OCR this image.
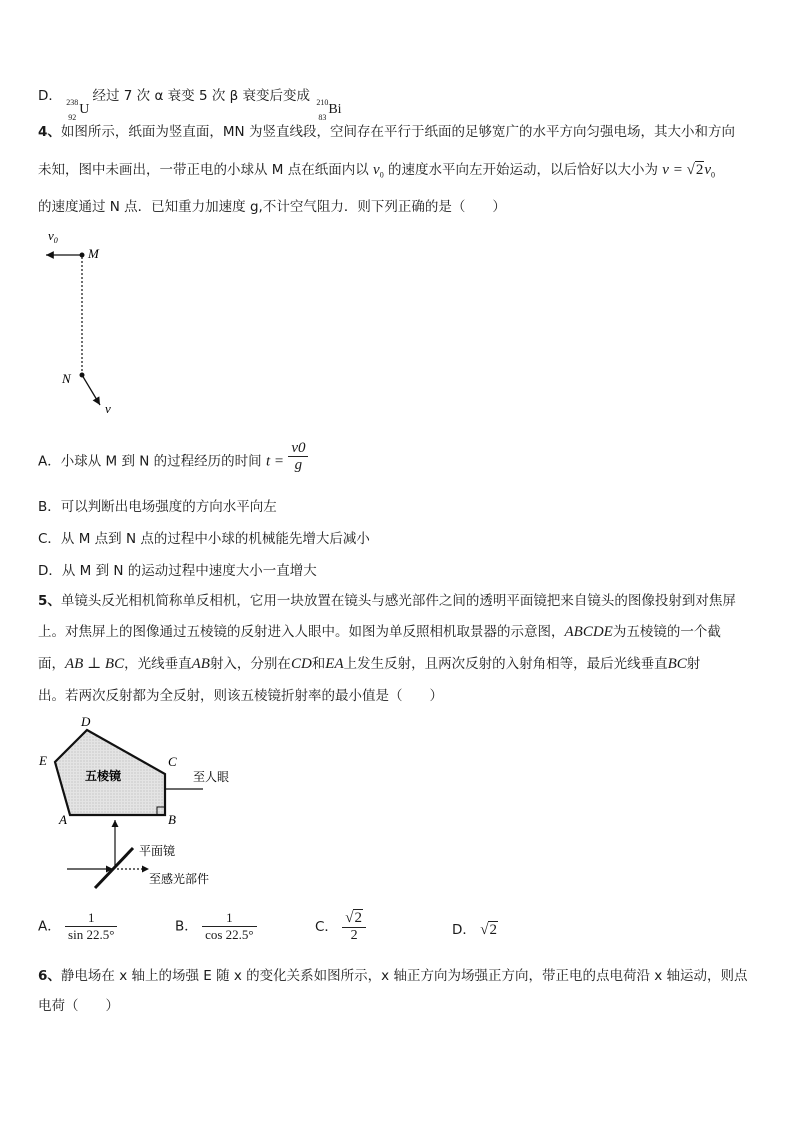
D． 238
92
U
经过 7 次 α 衰变 5 次 β 衰变后变成 210
83
Bi
4、如图所示，纸面为竖直面，MN 为竖直线段，空间存在平行于纸面的足够宽广的水平方向匀强电场，其大小和方向
未知，图中未画出，一带正电的小球从 M 点在纸面内以 $v_0$ 的速度水平向左开始运动，以后恰好以大小为 $v = √2v_0$
的速度通过 N 点．已知重力加速度 g,不计空气阻力．则下列正确的是（　　）
$v_0$
M
N
v
A．小球从 M 到 N 的过程经历的时间 $t = \frac{v0}{g}$
B．可以判断出电场强度的方向水平向左
C．从 M 点到 N 点的过程中小球的机械能先增大后减小
D．从 M 到 N 的运动过程中速度大小一直增大
5、单镜头反光相机简称单反相机，它用一块放置在镜头与感光部件之间的透明平面镜把来自镜头的图像投射到对焦屏
上。对焦屏上的图像通过五棱镜的反射进入人眼中。如图为单反照相机取景器的示意图，ABCDE为五棱镜的一个截
面，AB ⊥ BC，光线垂直AB射入，分别在CD和EA上发生反射，且两次反射的入射角相等，最后光线垂直BC射
出。若两次反射都为全反射，则该五棱镜折射率的最小值是（　　）
五棱镜
D
E	C
A	B
至人眼
平面镜
至感光部件
A． $\frac{1}{\sin 22.5^\circ}$	B． $\frac{1}{\cos 22.5^\circ}$	C． $\frac{√2}{2}$	D． √2
6、静电场在 x 轴上的场强 E 随 x 的变化关系如图所示，x 轴正方向为场强正方向，带正电的点电荷沿 x 轴运动，则点
电荷（　　）
